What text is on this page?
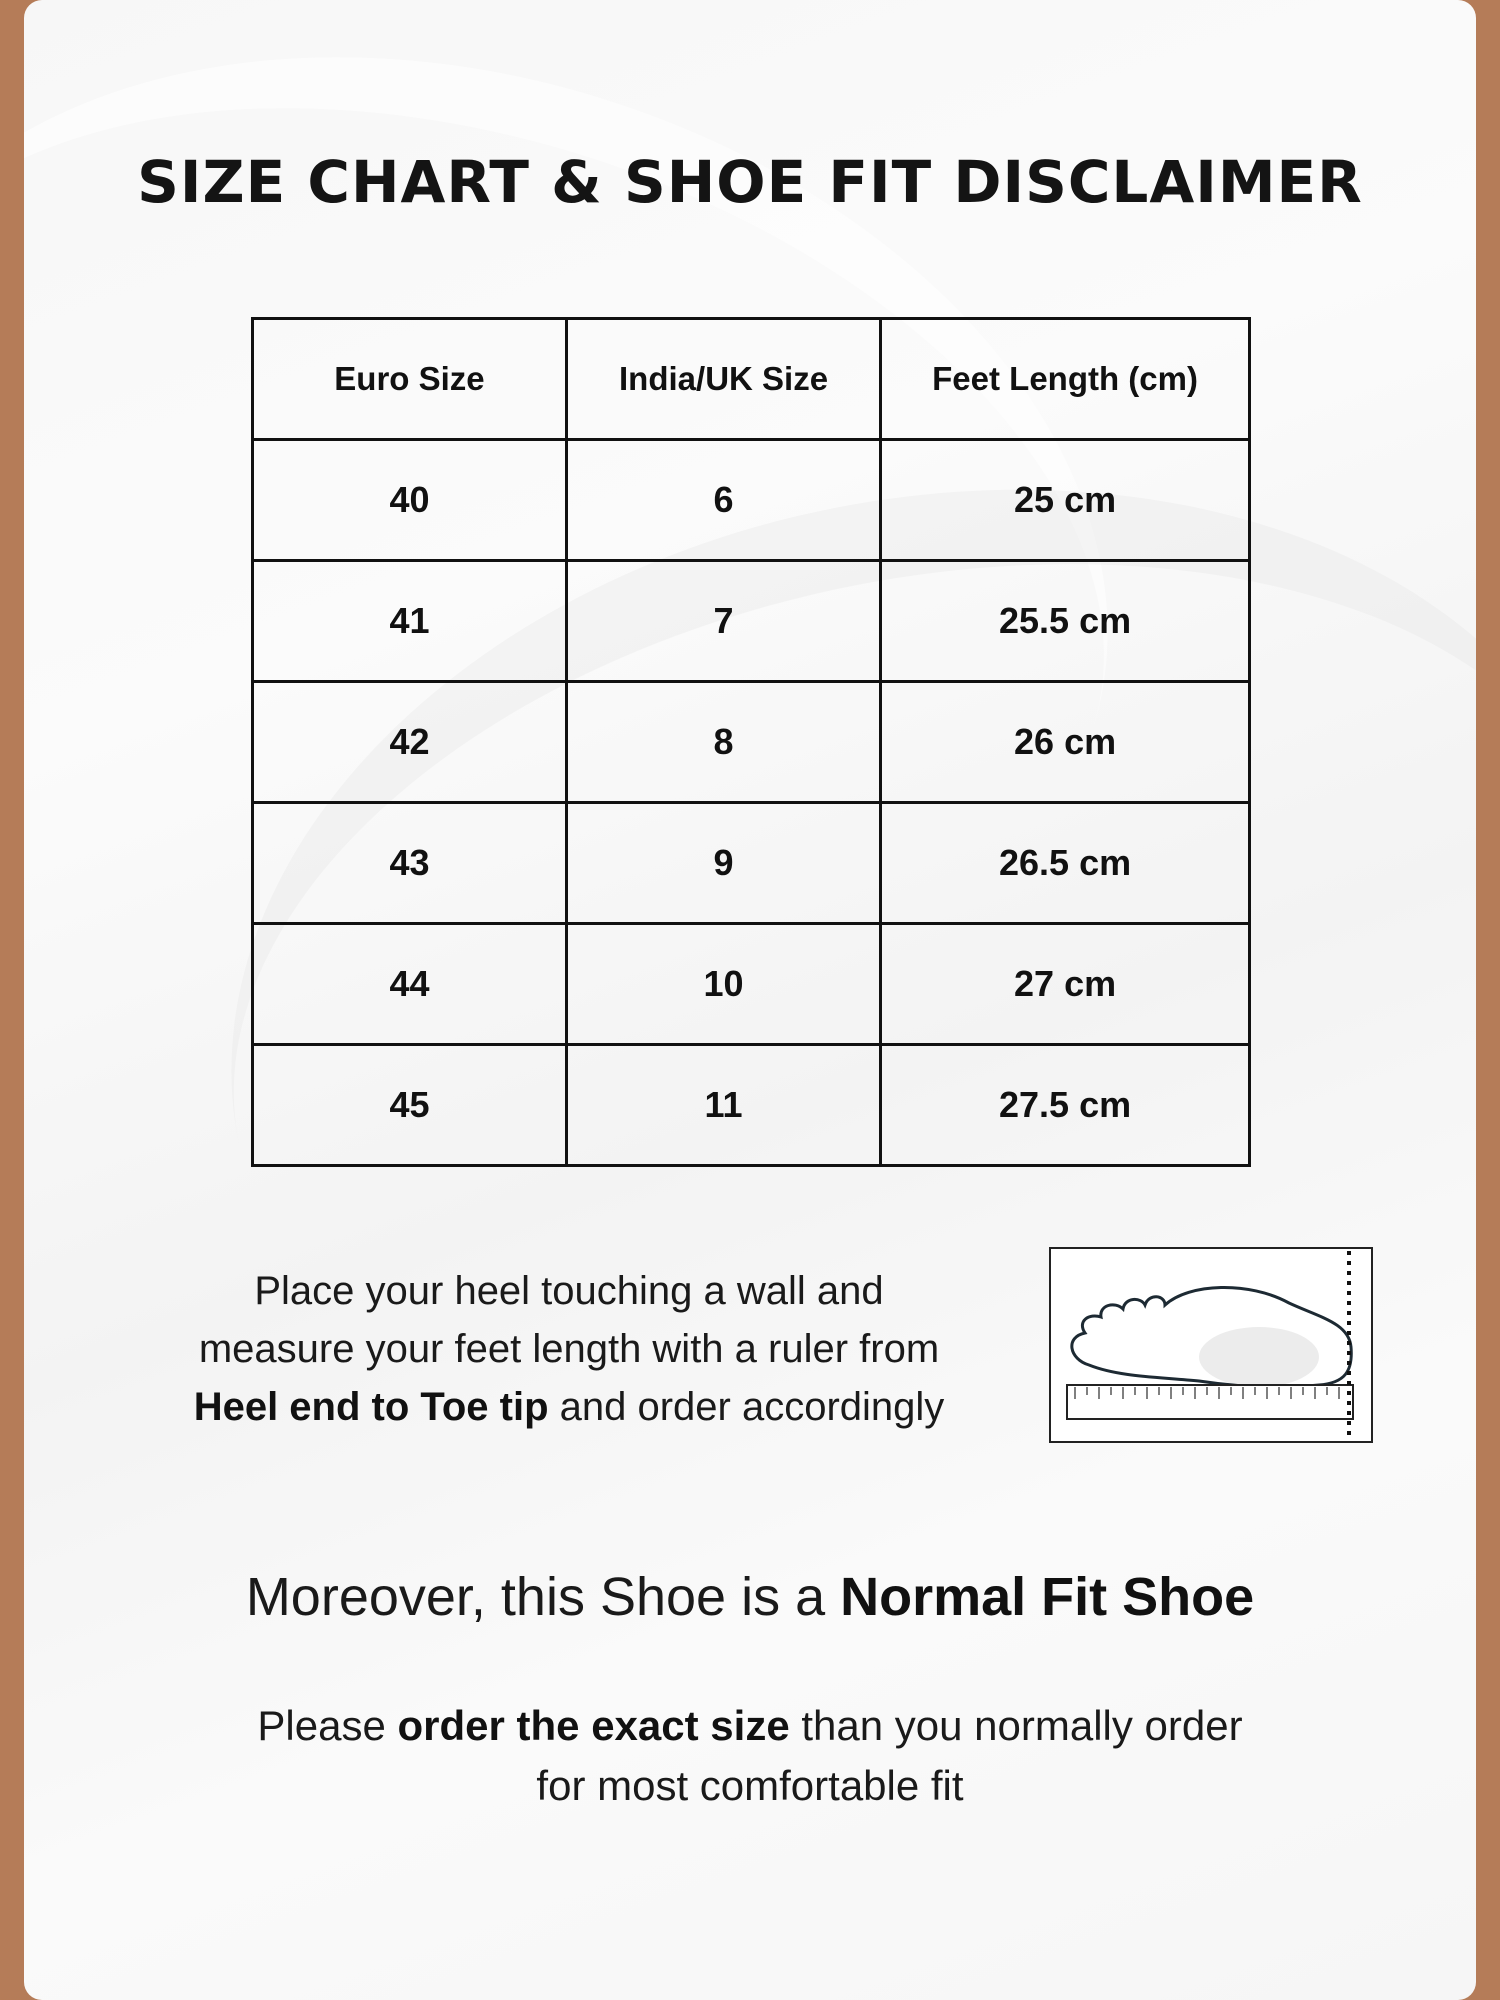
SIZE CHART & SHOE FIT DISCLAIMER
Euro Size	India/UK Size	Feet Length (cm)
40	6	25 cm
41	7	25.5 cm
42	8	26 cm
43	9	26.5 cm
44	10	27 cm
45	11	27.5 cm
Place your heel touching a wall and
measure your feet length with a ruler from
Heel end to Toe tip and order accordingly
Moreover, this Shoe is a Normal Fit Shoe
Please order the exact size than you normally order
for most comfortable fit
